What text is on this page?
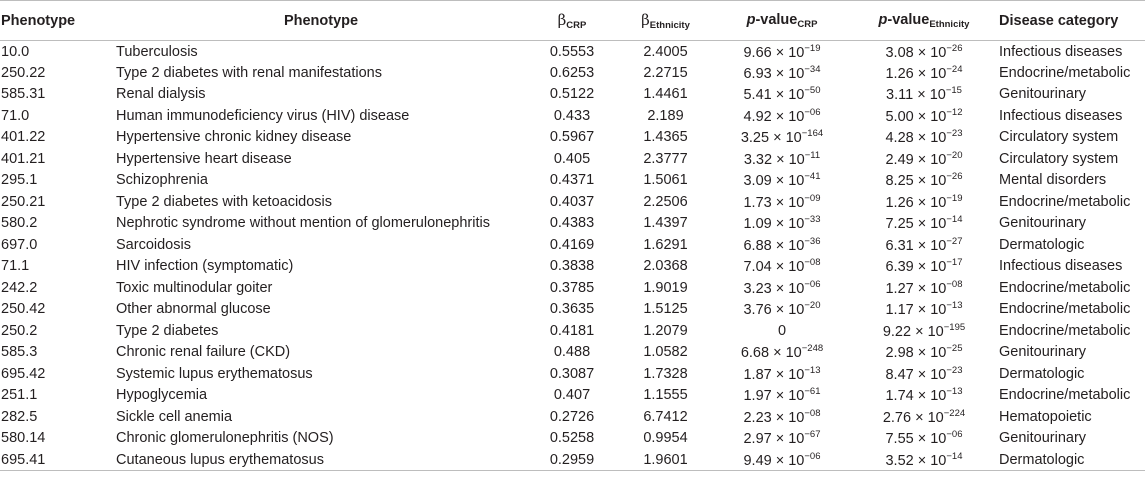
Phenotype	Phenotype	$\beta_{CRP}$	$\beta_{Ethnicity}$	p-value$_{CRP}$	p-value$_{Ethnicity}$	Disease category
10.0	Tuberculosis	0.5553	2.4005	$9.66 \times 10^{-19}$	$3.08 \times 10^{-26}$	Infectious diseases
250.22	Type 2 diabetes with renal manifestations	0.6253	2.2715	$6.93 \times 10^{-34}$	$1.26 \times 10^{-24}$	Endocrine/metabolic
585.31	Renal dialysis	0.5122	1.4461	$5.41 \times 10^{-50}$	$3.11 \times 10^{-15}$	Genitourinary
71.0	Human immunodeficiency virus (HIV) disease	0.433	2.189	$4.92 \times 10^{-06}$	$5.00 \times 10^{-12}$	Infectious diseases
401.22	Hypertensive chronic kidney disease	0.5967	1.4365	$3.25 \times 10^{-164}$	$4.28 \times 10^{-23}$	Circulatory system
401.21	Hypertensive heart disease	0.405	2.3777	$3.32 \times 10^{-11}$	$2.49 \times 10^{-20}$	Circulatory system
295.1	Schizophrenia	0.4371	1.5061	$3.09 \times 10^{-41}$	$8.25 \times 10^{-26}$	Mental disorders
250.21	Type 2 diabetes with ketoacidosis	0.4037	2.2506	$1.73 \times 10^{-09}$	$1.26 \times 10^{-19}$	Endocrine/metabolic
580.2	Nephrotic syndrome without mention of glomerulonephritis	0.4383	1.4397	$1.09 \times 10^{-33}$	$7.25 \times 10^{-14}$	Genitourinary
697.0	Sarcoidosis	0.4169	1.6291	$6.88 \times 10^{-36}$	$6.31 \times 10^{-27}$	Dermatologic
71.1	HIV infection (symptomatic)	0.3838	2.0368	$7.04 \times 10^{-08}$	$6.39 \times 10^{-17}$	Infectious diseases
242.2	Toxic multinodular goiter	0.3785	1.9019	$3.23 \times 10^{-06}$	$1.27 \times 10^{-08}$	Endocrine/metabolic
250.42	Other abnormal glucose	0.3635	1.5125	$3.76 \times 10^{-20}$	$1.17 \times 10^{-13}$	Endocrine/metabolic
250.2	Type 2 diabetes	0.4181	1.2079	0	$9.22 \times 10^{-195}$	Endocrine/metabolic
585.3	Chronic renal failure (CKD)	0.488	1.0582	$6.68 \times 10^{-248}$	$2.98 \times 10^{-25}$	Genitourinary
695.42	Systemic lupus erythematosus	0.3087	1.7328	$1.87 \times 10^{-13}$	$8.47 \times 10^{-23}$	Dermatologic
251.1	Hypoglycemia	0.407	1.1555	$1.97 \times 10^{-61}$	$1.74 \times 10^{-13}$	Endocrine/metabolic
282.5	Sickle cell anemia	0.2726	6.7412	$2.23 \times 10^{-08}$	$2.76 \times 10^{-224}$	Hematopoietic
580.14	Chronic glomerulonephritis (NOS)	0.5258	0.9954	$2.97 \times 10^{-67}$	$7.55 \times 10^{-06}$	Genitourinary
695.41	Cutaneous lupus erythematosus	0.2959	1.9601	$9.49 \times 10^{-06}$	$3.52 \times 10^{-14}$	Dermatologic
